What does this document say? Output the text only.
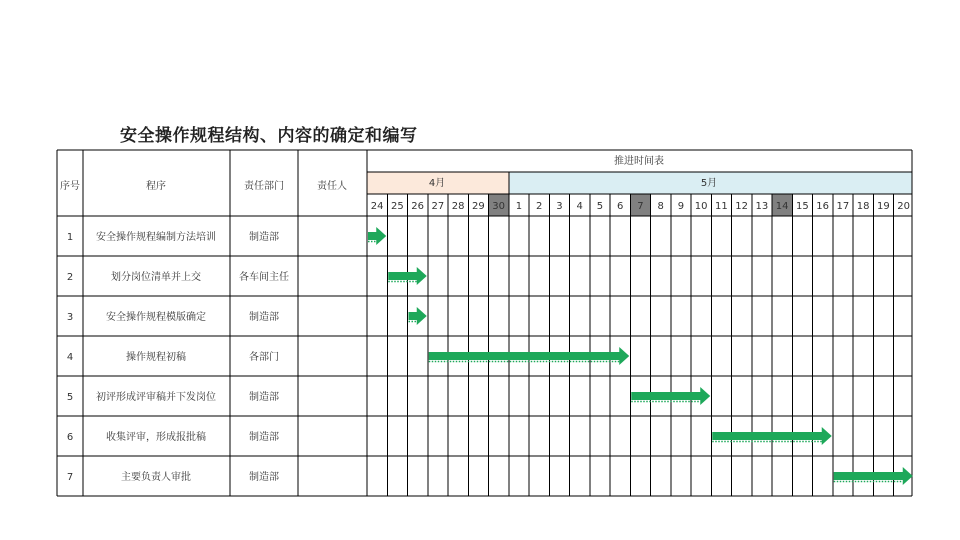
安全操作规程结构、内容的确定和编写
序号	程序	责任部门	责任人
推进时间表
4月	5月
24 25 26 27 28 29 30 1 2 3 4 5 6 7 8 9 10 11 12 13 14 15 16 17 18 19 20
1 安全操作规程编制方法培训	制造部
2	划分岗位清单并上交	各车间主任
3	安全操作规程模版确定	制造部
4	操作规程初稿	各部门
5 初评形成评审稿并下发岗位	制造部
6	收集评审，形成报批稿	制造部
7	主要负责人审批	制造部
